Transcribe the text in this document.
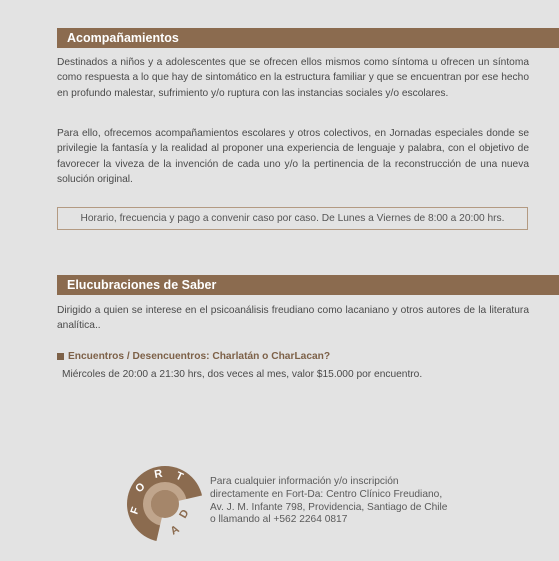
Acompañamientos

Destinados a niños y a adolescentes que se ofrecen ellos mismos como síntoma u ofrecen un síntoma como respuesta a lo que hay de sintomático en la estructura familiar y que se encuentran por ese hecho en profundo malestar, sufrimiento y/o ruptura con las instancias sociales y/o escolares.

Para ello, ofrecemos acompañamientos escolares y otros colectivos, en Jornadas especiales donde se privilegie la fantasía y la realidad al proponer una experiencia de lenguaje y palabra, con el objetivo de favorecer la viveza de la invención de cada uno y/o la pertinencia de la reconstrucción de una nueva solución original.

Horario, frecuencia y pago a convenir caso por caso. De Lunes a Viernes de 8:00 a 20:00 hrs.
Elucubraciones de Saber

Dirigido a quien se interese en el psicoanálisis freudiano como lacaniano y otros autores de la literatura analítica..

Encuentros / Desencuentros: Charlatán o CharLacan?
Miércoles de 20:00 a 21:30 hrs, dos veces al mes, valor $15.000 por encuentro.
F
O
R T
D
A
Para cualquier información y/o inscripción
directamente en Fort-Da: Centro Clínico Freudiano,
Av. J. M. Infante 798, Providencia, Santiago de Chile
o llamando al +562 2264 0817
